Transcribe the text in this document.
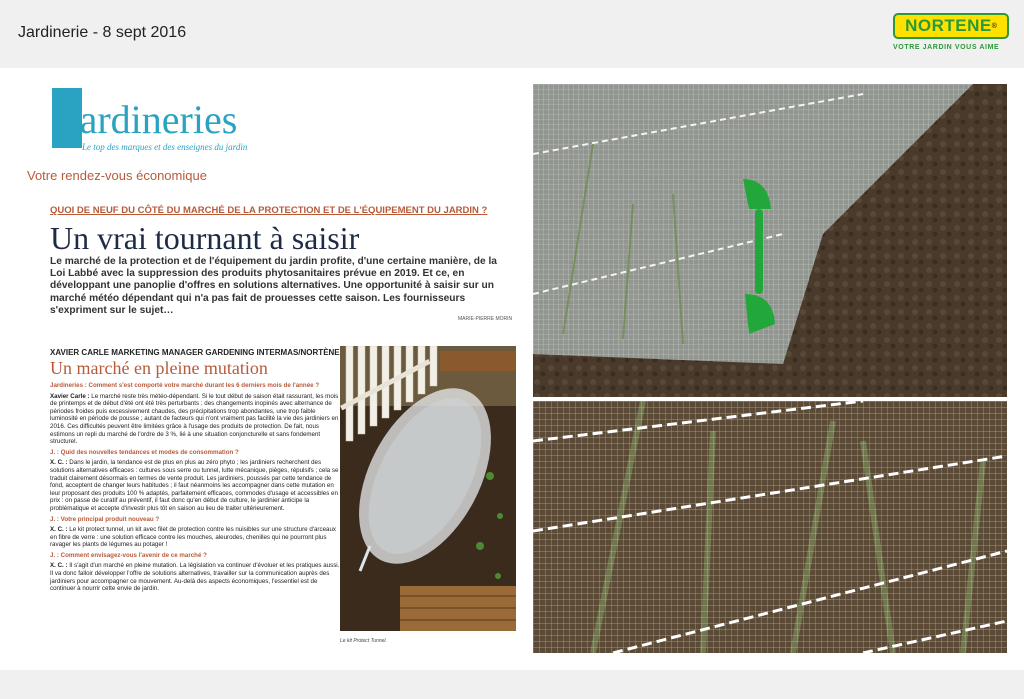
Jardinerie - 8 sept 2016	NORTENE ®
VOTRE JARDIN VOUS AIME
Jardineries
Le top des marques et des enseignes du jardin
Votre rendez-vous économique
QUOI DE NEUF DU CÔTÉ DU MARCHÉ DE LA PROTECTION ET DE L'ÉQUIPEMENT DU JARDIN ?
Un vrai tournant à saisir
Le marché de la protection et de l'équipement du jardin profite, d'une certaine manière, de la Loi Labbé avec la suppression des produits phytosanitaires prévue en 2019. Et ce, en développant une panoplie d'offres en solutions alternatives. Une opportunité à saisir sur un marché météo dépendant qui n'a pas fait de prouesses cette saison. Les fournisseurs s'expriment sur le sujet…
MARIE-PIERRE MORIN
XAVIER CARLE MARKETING MANAGER GARDENING INTERMAS/NORTÈNE
Un marché en pleine mutation

Jardineries : Comment s'est comporté votre marché durant les 6 derniers mois de l'année ?

Xavier Carle : Le marché reste très météo-dépendant. Si le tout début de saison était rassurant, les mois de printemps et de début d'été ont été très perturbants : des changements inopinés avec alternance de périodes froides puis excessivement chaudes, des précipitations trop abondantes, une trop faible luminosité en période de pousse ; autant de facteurs qui n'ont vraiment pas facilité la vie des jardiniers en 2016. Ces difficultés peuvent être limitées grâce à l'usage des produits de protection. De fait, nous estimons un repli du marché de l'ordre de 3 %, lié à une situation conjoncturelle et sans fondement structurel.

J. : Quid des nouvelles tendances et modes de consommation ?

X. C. : Dans le jardin, la tendance est de plus en plus au zéro phyto ; les jardiniers recherchent des solutions alternatives efficaces : cultures sous serre ou tunnel, lutte mécanique, pièges, répulsifs ; cela se traduit clairement désormais en termes de vente produit. Les jardiniers, poussés par cette tendance de fond, acceptent de changer leurs habitudes ; il faut néanmoins les accompagner dans cette mutation en leur proposant des produits 100 % adaptés, parfaitement efficaces, commodes d'usage et accessibles en prix : on passe de curatif au préventif, il faut donc qu'en début de culture, le jardinier anticipe la problématique et accepte d'investir plus tôt en saison au lieu de traiter ultérieurement.

J. : Votre principal produit nouveau ?

X. C. : Le kit protect tunnel, un kit avec filet de protection contre les nuisibles sur une structure d'arceaux en fibre de verre : une solution efficace contre les mouches, aleurodes, chenilles qui ne pourront plus ravager les plants de légumes au potager !

J. : Comment envisagez-vous l'avenir de ce marché ?

X. C. : Il s'agit d'un marché en pleine mutation. La législation va continuer d'évoluer et les pratiques aussi. Il va donc falloir développer l'offre de solutions alternatives, travailler sur la communication auprès des jardiniers pour accompagner ce mouvement. Au-delà des aspects économiques, l'essentiel est de continuer à nourrir cette envie de jardin.

Le kit Protect Tunnel.
